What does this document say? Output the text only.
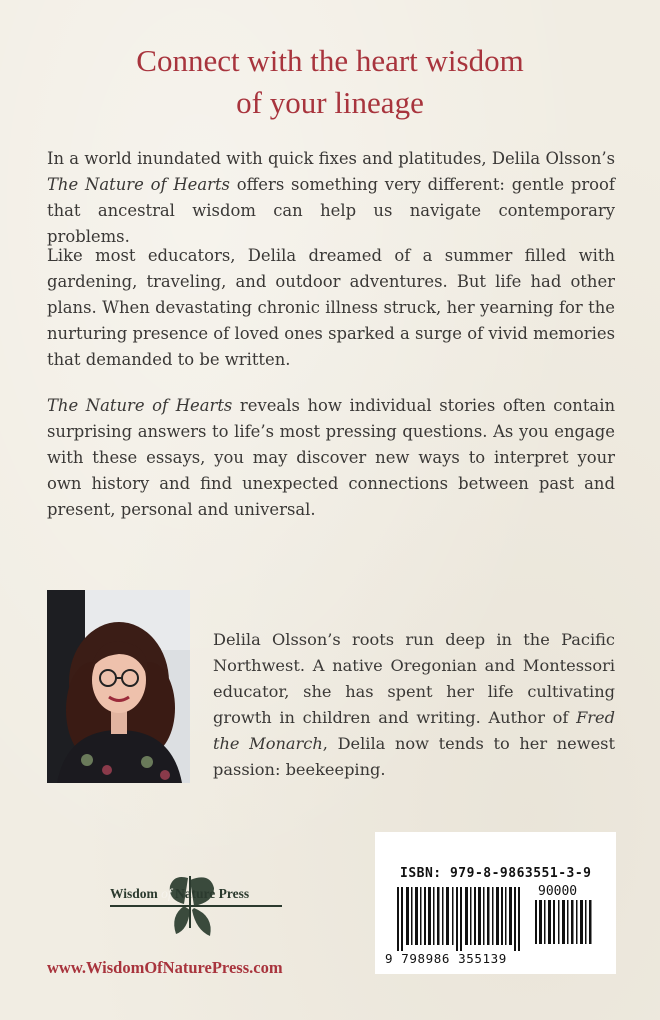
Connect with the heart wisdom
of your lineage

In a world inundated with quick fixes and platitudes, Delila Olsson’s The Nature of Hearts offers something very different: gentle proof that ancestral wisdom can help us navigate contemporary problems.

Like most educators, Delila dreamed of a summer filled with gardening, traveling, and outdoor adventures. But life had other plans. When devastating chronic illness struck, her yearning for the nurturing presence of loved ones sparked a surge of vivid memories that demanded to be written.

The Nature of Hearts reveals how individual stories often contain surprising answers to life’s most pressing questions. As you engage with these essays, you may discover new ways to interpret your own history and find unexpected connections between past and present, personal and universal.

Delila Olsson’s roots run deep in the Pacific Northwest. A native Oregonian and Montessori educator, she has spent her life cultivating growth in children and writing. Author of Fred the Monarch, Delila now tends to her newest passion: beekeeping.

Wisdom of Nature Press
www.WisdomOfNaturePress.com
ISBN: 979-8-9863551-3-9
90000
9 798986 355139
